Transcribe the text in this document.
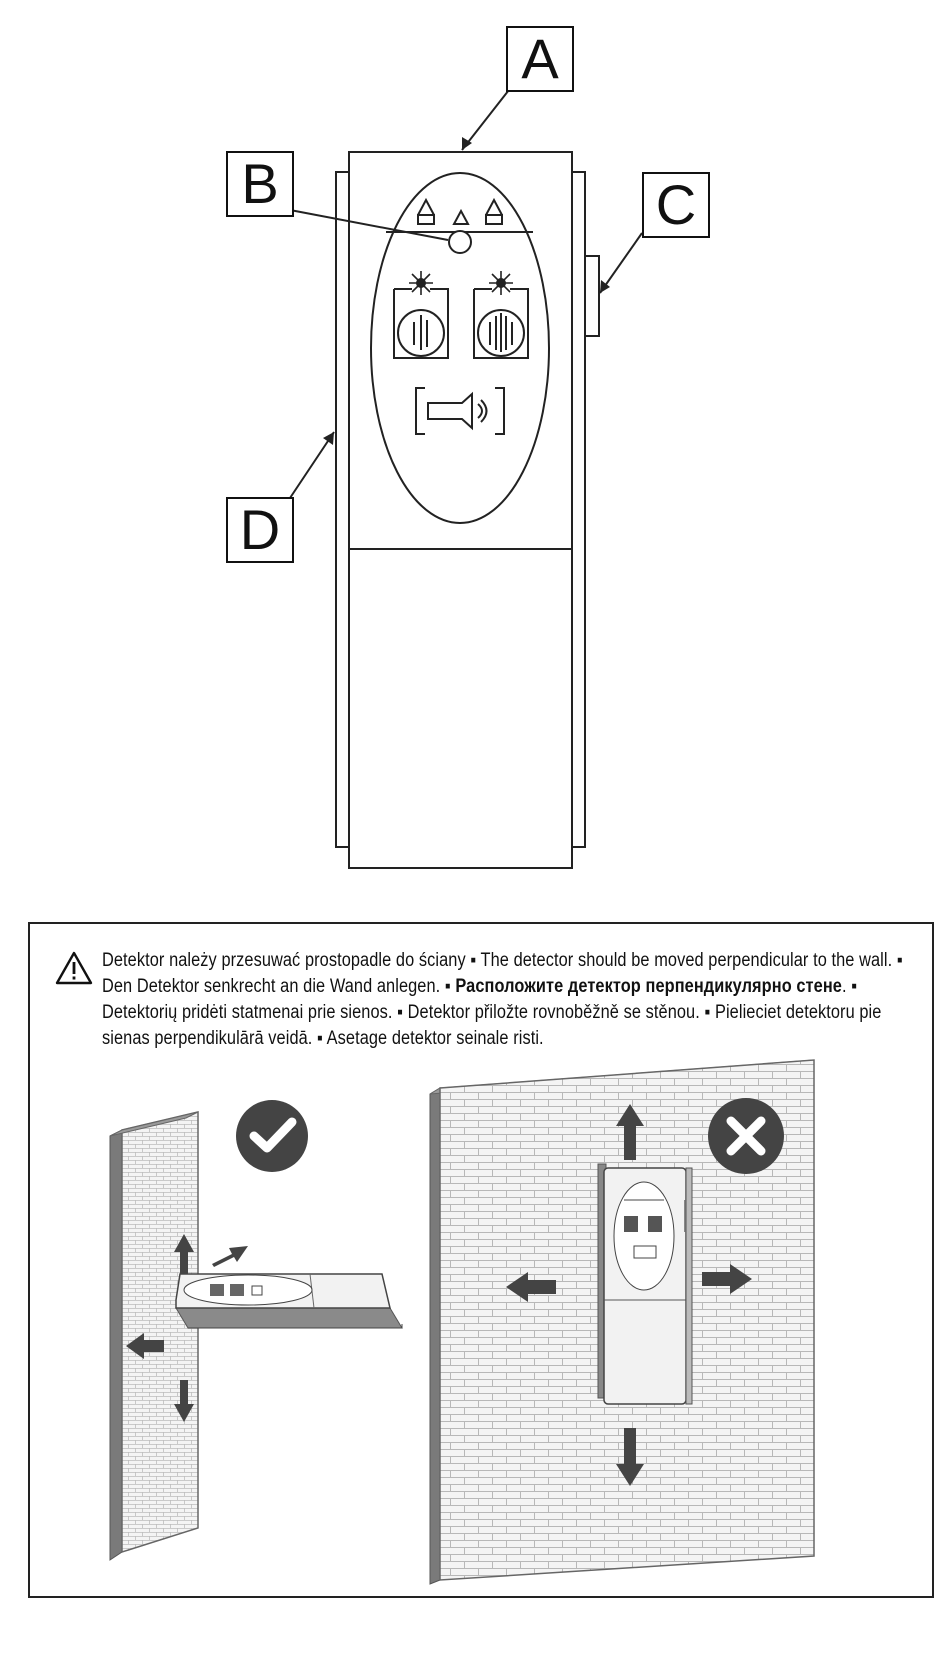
A
B	C
D
Detektor należy przesuwać prostopadle do ściany ▪ The detector should be moved perpendicular to the wall. ▪ Den Detektor senkrecht an die Wand anlegen. ▪ Расположите детектор перпендикулярно стене. ▪ Detektorių pridėti statmenai prie sienos. ▪ Detektor přiložte rovnoběžně se stěnou. ▪ Pielieciet detektoru pie sienas perpendikulārā veidā. ▪ Asetage detektor seinale risti.
